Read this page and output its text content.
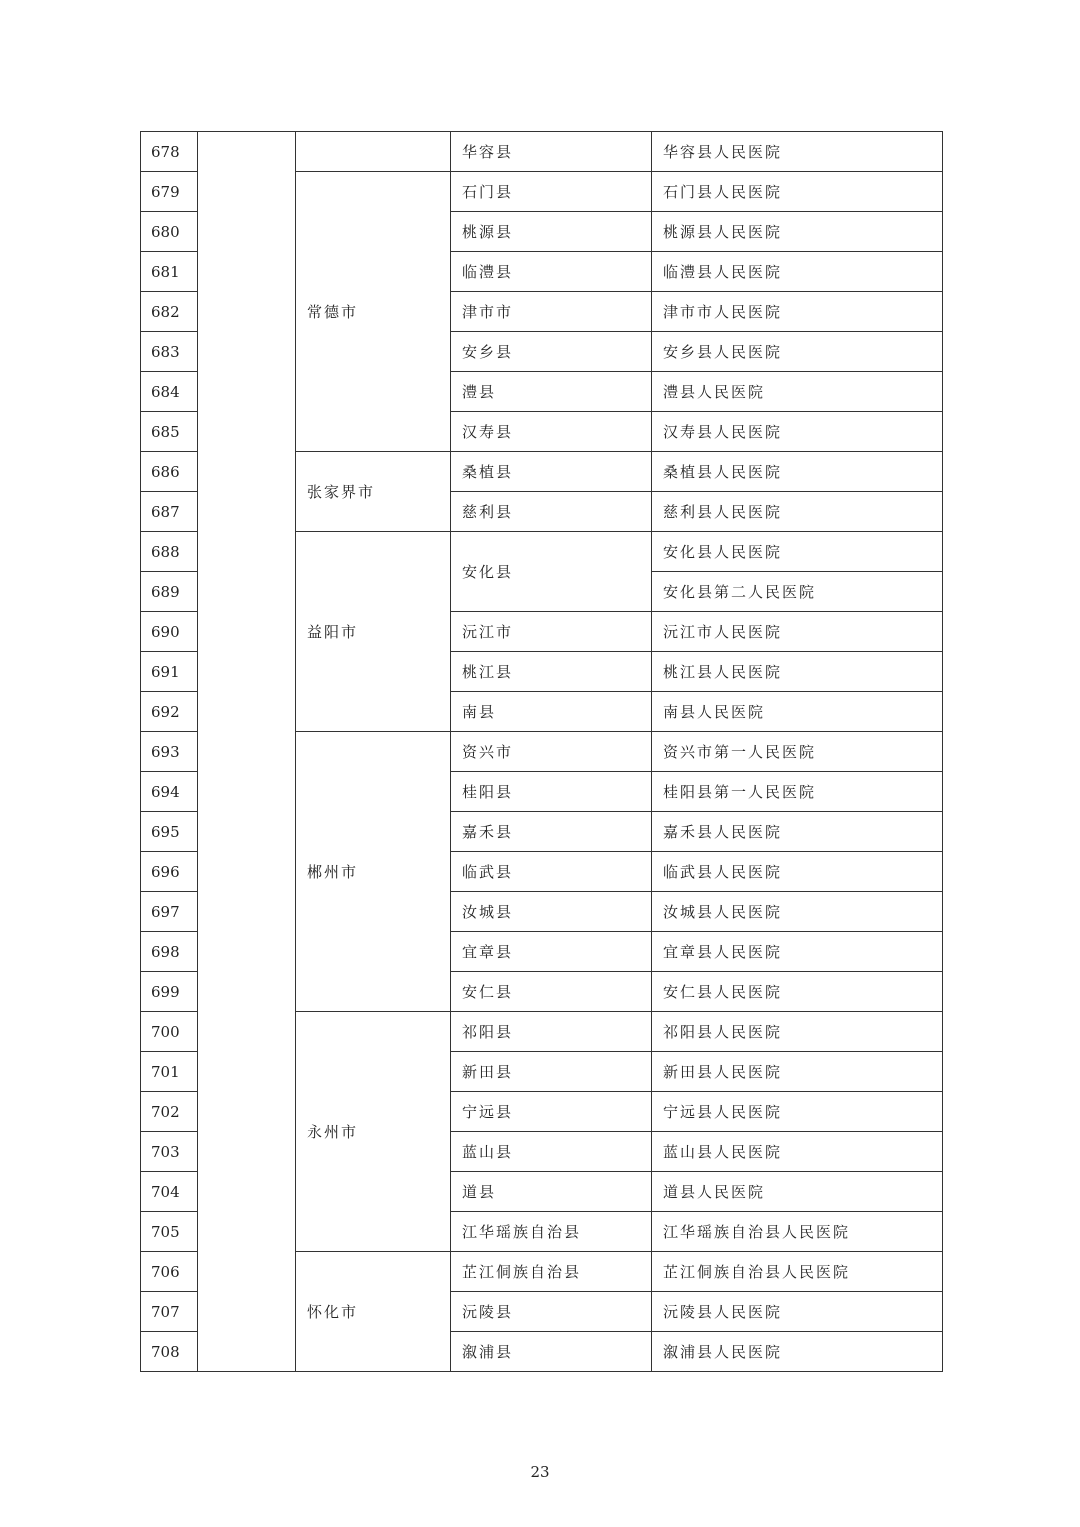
678			华容县	华容县人民医院
679		常德市	石门县	石门县人民医院
680			桃源县	桃源县人民医院
681			临澧县	临澧县人民医院
682			津市市	津市市人民医院
683			安乡县	安乡县人民医院
684			澧县	澧县人民医院
685			汉寿县	汉寿县人民医院
686		张家界市	桑植县	桑植县人民医院
687			慈利县	慈利县人民医院
688		益阳市	安化县	安化县人民医院
689				安化县第二人民医院
690			沅江市	沅江市人民医院
691			桃江县	桃江县人民医院
692			南县	南县人民医院
693		郴州市	资兴市	资兴市第一人民医院
694			桂阳县	桂阳县第一人民医院
695			嘉禾县	嘉禾县人民医院
696			临武县	临武县人民医院
697			汝城县	汝城县人民医院
698			宜章县	宜章县人民医院
699			安仁县	安仁县人民医院
700		永州市	祁阳县	祁阳县人民医院
701			新田县	新田县人民医院
702			宁远县	宁远县人民医院
703			蓝山县	蓝山县人民医院
704			道县	道县人民医院
705			江华瑶族自治县	江华瑶族自治县人民医院
706		怀化市	芷江侗族自治县	芷江侗族自治县人民医院
707			沅陵县	沅陵县人民医院
708			溆浦县	溆浦县人民医院
23
